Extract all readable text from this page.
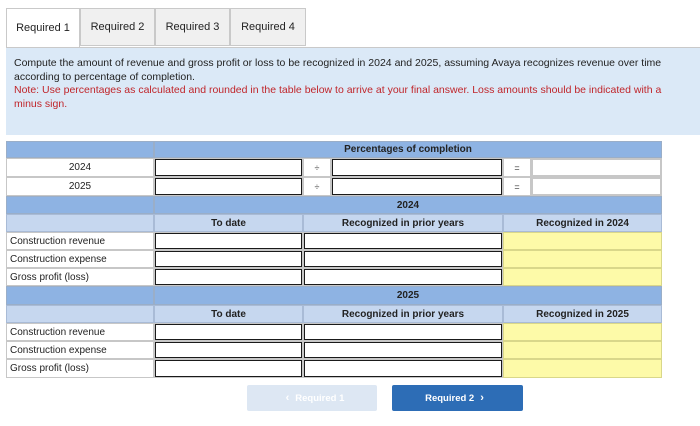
Required 1	Required 2	Required 3	Required 4
Compute the amount of revenue and gross profit or loss to be recognized in 2024 and 2025, assuming Avaya recognizes revenue over time
according to percentage of completion.
Note: Use percentages as calculated and rounded in the table below to arrive at your final answer. Loss amounts should be indicated with a
minus sign.
Percentages of completion
2024	÷	=
2025	÷	=
2024
To date	Recognized in prior years	Recognized in 2024
Construction revenue
Construction expense
Gross profit (loss)
2025
To date	Recognized in prior years	Recognized in 2025
Construction revenue
Construction expense
Gross profit (loss)
‹ Required 1	Required 2 ›
